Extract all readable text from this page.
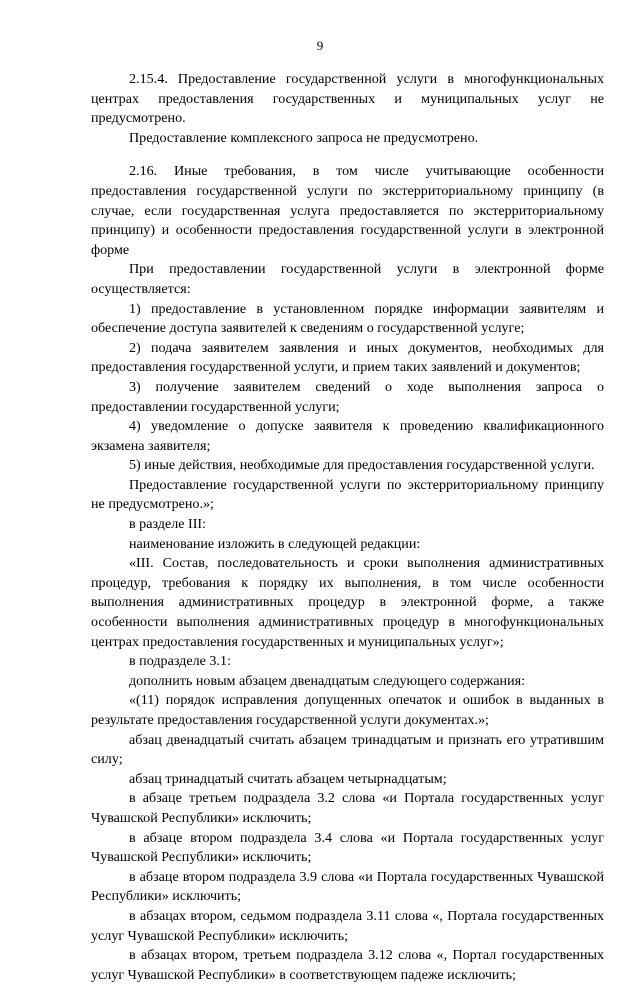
9

2.15.4. Предоставление государственной услуги в многофункциональных центрах предоставления государственных и муниципальных услуг не предусмотрено.

Предоставление комплексного запроса не предусмотрено.

2.16. Иные требования, в том числе учитывающие особенности предоставления государственной услуги по экстерриториальному принципу (в случае, если государственная услуга предоставляется по экстерриториальному принципу) и особенности предоставления государственной услуги в электронной форме

При предоставлении государственной услуги в электронной форме осуществляется:

1) предоставление в установленном порядке информации заявителям и обеспечение доступа заявителей к сведениям о государственной услуге;

2) подача заявителем заявления и иных документов, необходимых для предоставления государственной услуги, и прием таких заявлений и документов;

3) получение заявителем сведений о ходе выполнения запроса о предоставлении государственной услуги;

4) уведомление о допуске заявителя к проведению квалификационного экзамена заявителя;

5) иные действия, необходимые для предоставления государственной услуги.

Предоставление государственной услуги по экстерриториальному принципу не предусмотрено.»;

в разделе III:

наименование изложить в следующей редакции:

«III. Состав, последовательность и сроки выполнения административных процедур, требования к порядку их выполнения, в том числе особенности выполнения административных процедур в электронной форме, а также особенности выполнения административных процедур в многофункциональных центрах предоставления государственных и муниципальных услуг»;

в подразделе 3.1:

дополнить новым абзацем двенадцатым следующего содержания:

«(11) порядок исправления допущенных опечаток и ошибок в выданных в результате предоставления государственной услуги документах.»;

абзац двенадцатый считать абзацем тринадцатым и признать его утратившим силу;

абзац тринадцатый считать абзацем четырнадцатым;

в абзаце третьем подраздела 3.2 слова «и Портала государственных услуг Чувашской Республики» исключить;

в абзаце втором подраздела 3.4 слова «и Портала государственных услуг Чувашской Республики» исключить;

в абзаце втором подраздела 3.9 слова «и Портала государственных Чувашской Республики» исключить;

в абзацах втором, седьмом подраздела 3.11 слова «, Портала государственных услуг Чувашской Республики» исключить;

в абзацах втором, третьем подраздела 3.12 слова «, Портал государственных услуг Чувашской Республики» в соответствующем падеже исключить;
